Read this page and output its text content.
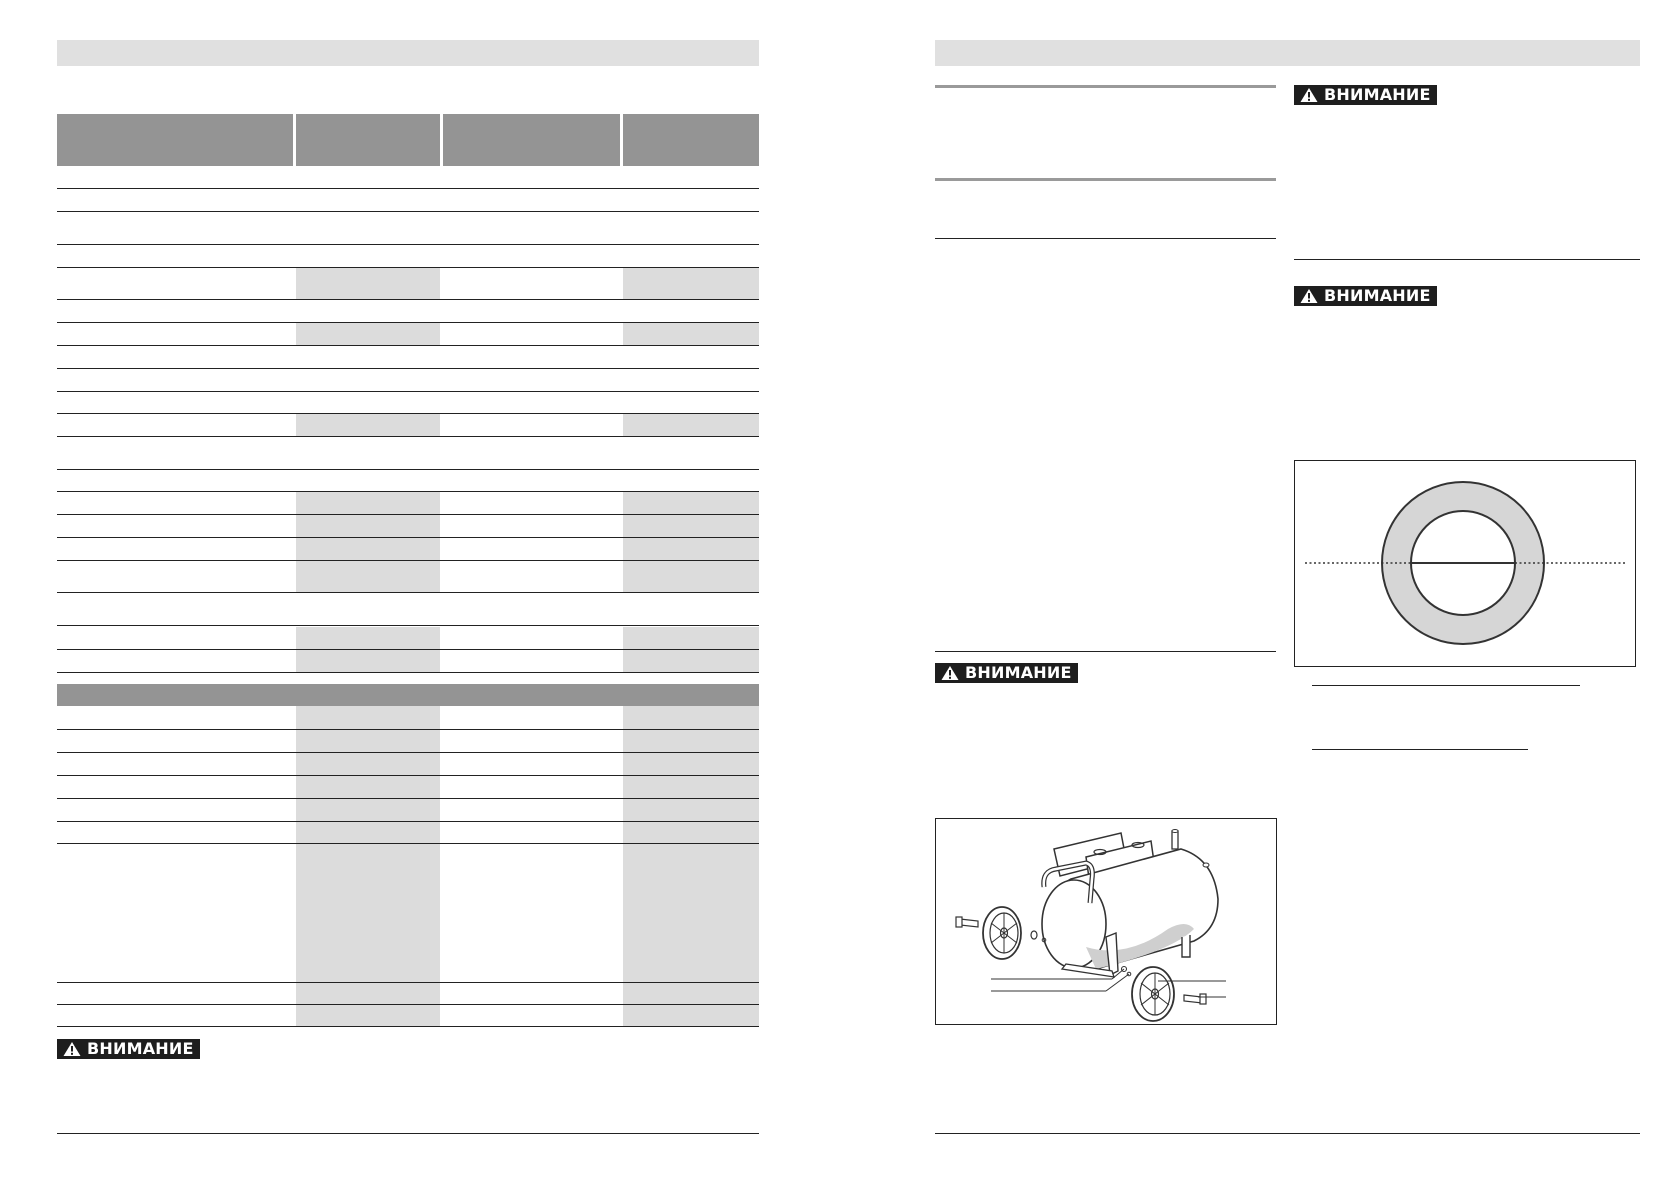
ВНИМАНИЕ
ВНИМАНИЕ
ВНИМАНИЕ
ВНИМАНИЕ
